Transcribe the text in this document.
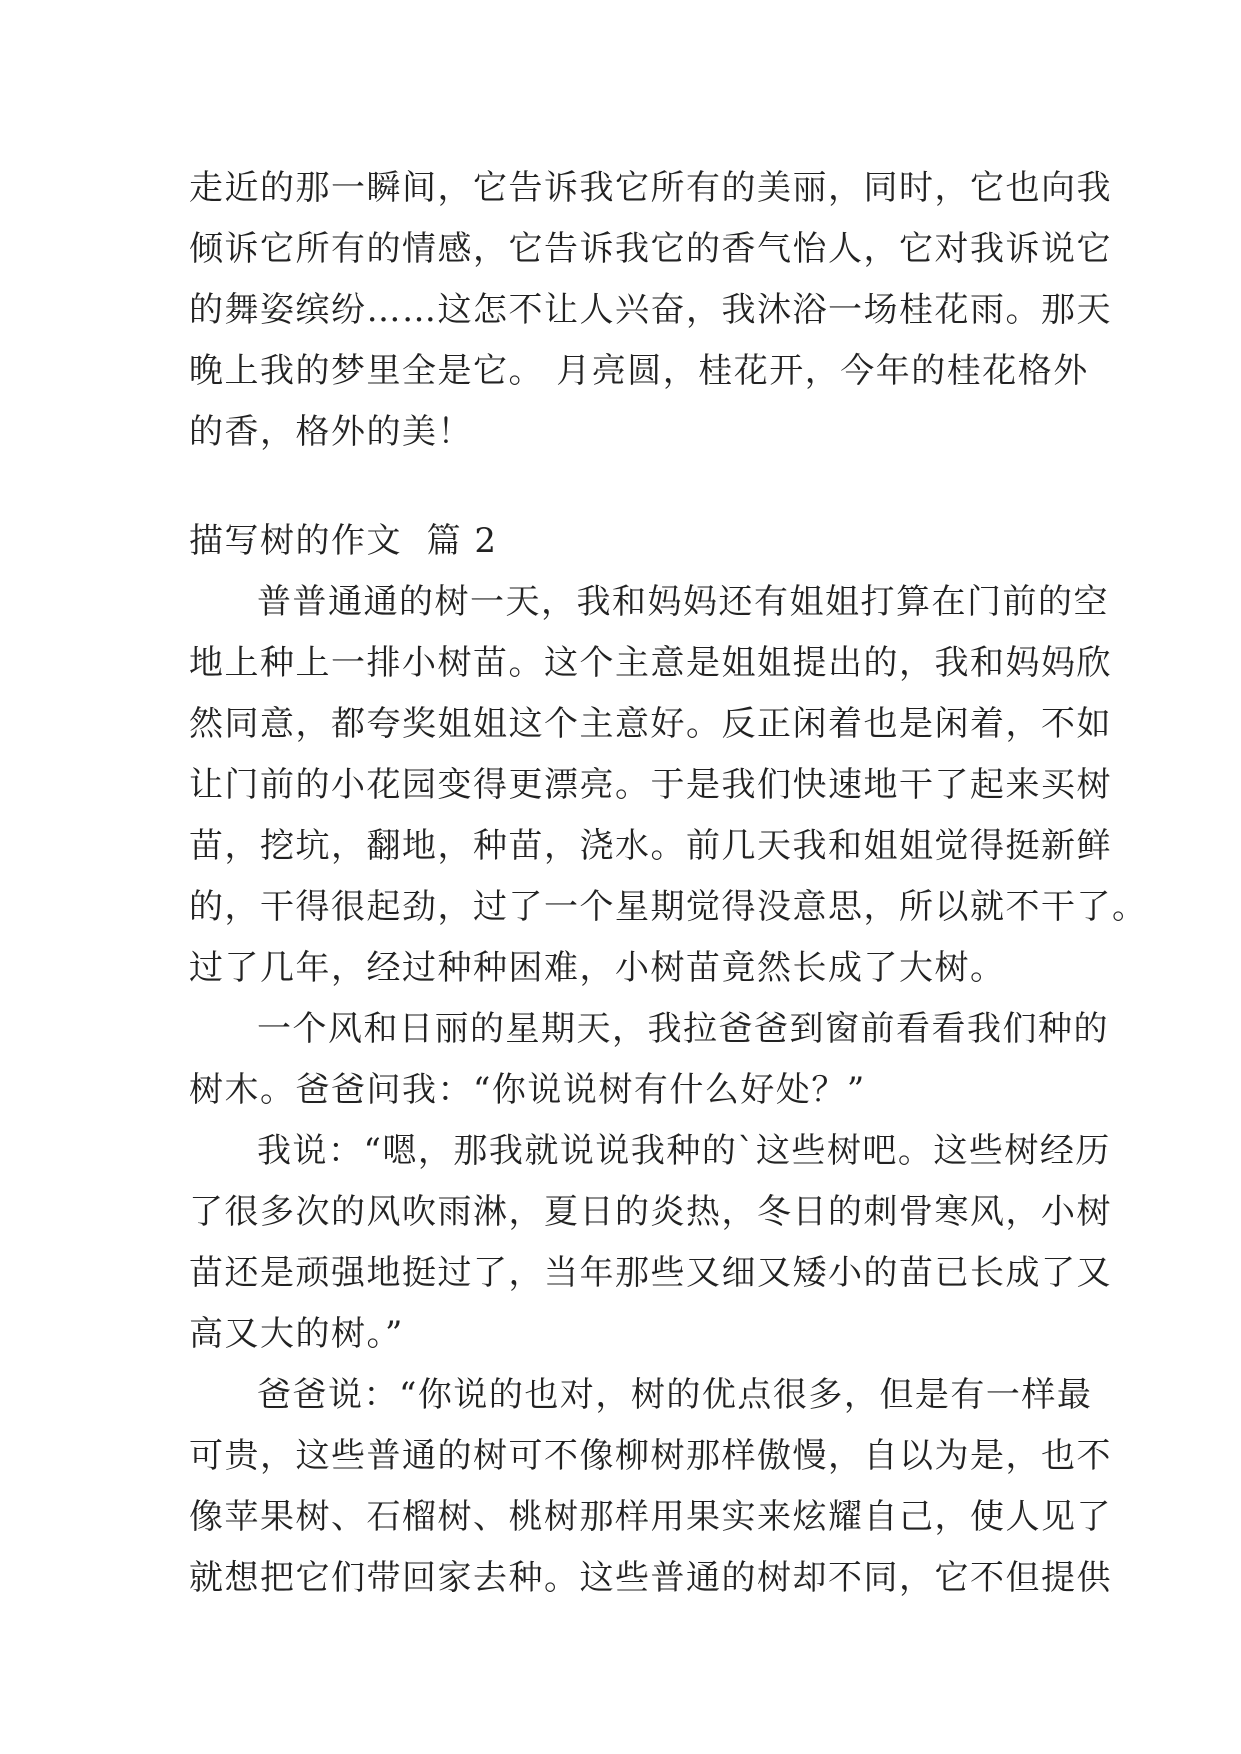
走近的那一瞬间，它告诉我它所有的美丽，同时，它也向我
倾诉它所有的情感，它告诉我它的香气怡人，它对我诉说它
的舞姿缤纷……这怎不让人兴奋，我沐浴一场桂花雨。那天
晚上我的梦里全是它。 月亮圆，桂花开，今年的桂花格外
的香，格外的美！
描写树的作文  篇 2
普普通通的树一天，我和妈妈还有姐姐打算在门前的空
地上种上一排小树苗。这个主意是姐姐提出的，我和妈妈欣
然同意，都夸奖姐姐这个主意好。反正闲着也是闲着，不如
让门前的小花园变得更漂亮。于是我们快速地干了起来买树
苗，挖坑，翻地，种苗，浇水。前几天我和姐姐觉得挺新鲜
的，干得很起劲，过了一个星期觉得没意思，所以就不干了。
过了几年，经过种种困难，小树苗竟然长成了大树。
一个风和日丽的星期天，我拉爸爸到窗前看看我们种的
树木。爸爸问我：“你说说树有什么好处？”
我说：“嗯，那我就说说我种的`这些树吧。这些树经历
了很多次的风吹雨淋，夏日的炎热，冬日的刺骨寒风，小树
苗还是顽强地挺过了，当年那些又细又矮小的苗已长成了又
高又大的树。”
爸爸说：“你说的也对，树的优点很多，但是有一样最
可贵，这些普通的树可不像柳树那样傲慢，自以为是，也不
像苹果树、石榴树、桃树那样用果实来炫耀自己，使人见了
就想把它们带回家去种。这些普通的树却不同，它不但提供
